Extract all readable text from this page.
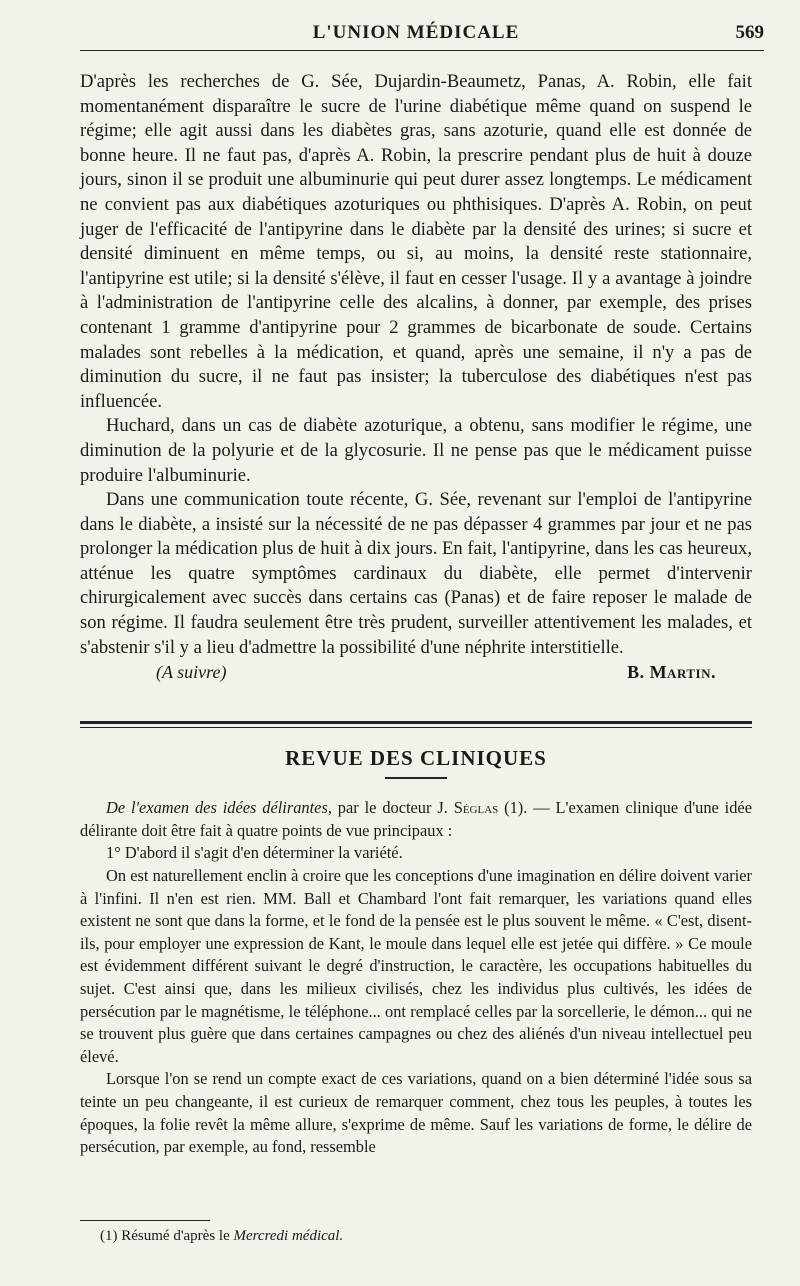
L'UNION MÉDICALE	569

D'après les recherches de G. Sée, Dujardin-Beaumetz, Panas, A. Robin, elle fait momentanément disparaître le sucre de l'urine diabétique même quand on suspend le régime; elle agit aussi dans les diabètes gras, sans azoturie, quand elle est donnée de bonne heure. Il ne faut pas, d'après A. Robin, la prescrire pendant plus de huit à douze jours, sinon il se produit une albuminurie qui peut durer assez longtemps. Le médicament ne convient pas aux diabétiques azoturiques ou phthisiques. D'après A. Robin, on peut juger de l'efficacité de l'antipyrine dans le diabète par la densité des urines; si sucre et densité diminuent en même temps, ou si, au moins, la densité reste stationnaire, l'antipyrine est utile; si la densité s'élève, il faut en cesser l'usage. Il y a avantage à joindre à l'administration de l'antipyrine celle des alcalins, à donner, par exemple, des prises contenant 1 gramme d'antipyrine pour 2 grammes de bicarbonate de soude. Certains malades sont rebelles à la médication, et quand, après une semaine, il n'y a pas de diminution du sucre, il ne faut pas insister; la tuberculose des diabétiques n'est pas influencée.

Huchard, dans un cas de diabète azoturique, a obtenu, sans modifier le régime, une diminution de la polyurie et de la glycosurie. Il ne pense pas que le médicament puisse produire l'albuminurie.

Dans une communication toute récente, G. Sée, revenant sur l'emploi de l'antipyrine dans le diabète, a insisté sur la nécessité de ne pas dépasser 4 grammes par jour et ne pas prolonger la médication plus de huit à dix jours. En fait, l'antipyrine, dans les cas heureux, atténue les quatre symptômes cardinaux du diabète, elle permet d'intervenir chirurgicalement avec succès dans certains cas (Panas) et de faire reposer le malade de son régime. Il faudra seulement être très prudent, surveiller attentivement les malades, et s'abstenir s'il y a lieu d'admettre la possibilité d'une néphrite interstitielle.

(A suivre)	B. Martin.
REVUE DES CLINIQUES

De l'examen des idées délirantes, par le docteur J. Séglas (1). — L'examen clinique d'une idée délirante doit être fait à quatre points de vue principaux :

1° D'abord il s'agit d'en déterminer la variété.

On est naturellement enclin à croire que les conceptions d'une imagination en délire doivent varier à l'infini. Il n'en est rien. MM. Ball et Chambard l'ont fait remarquer, les variations quand elles existent ne sont que dans la forme, et le fond de la pensée est le plus souvent le même. « C'est, disent-ils, pour employer une expression de Kant, le moule dans lequel elle est jetée qui diffère. » Ce moule est évidemment différent suivant le degré d'instruction, le caractère, les occupations habituelles du sujet. C'est ainsi que, dans les milieux civilisés, chez les individus plus cultivés, les idées de persécution par le magnétisme, le téléphone... ont remplacé celles par la sorcellerie, le démon... qui ne se trouvent plus guère que dans certaines campagnes ou chez des aliénés d'un niveau intellectuel peu élevé.

Lorsque l'on se rend un compte exact de ces variations, quand on a bien déterminé l'idée sous sa teinte un peu changeante, il est curieux de remarquer comment, chez tous les peuples, à toutes les époques, la folie revêt la même allure, s'exprime de même. Sauf les variations de forme, le délire de persécution, par exemple, au fond, ressemble

(1) Résumé d'après le Mercredi médical.
